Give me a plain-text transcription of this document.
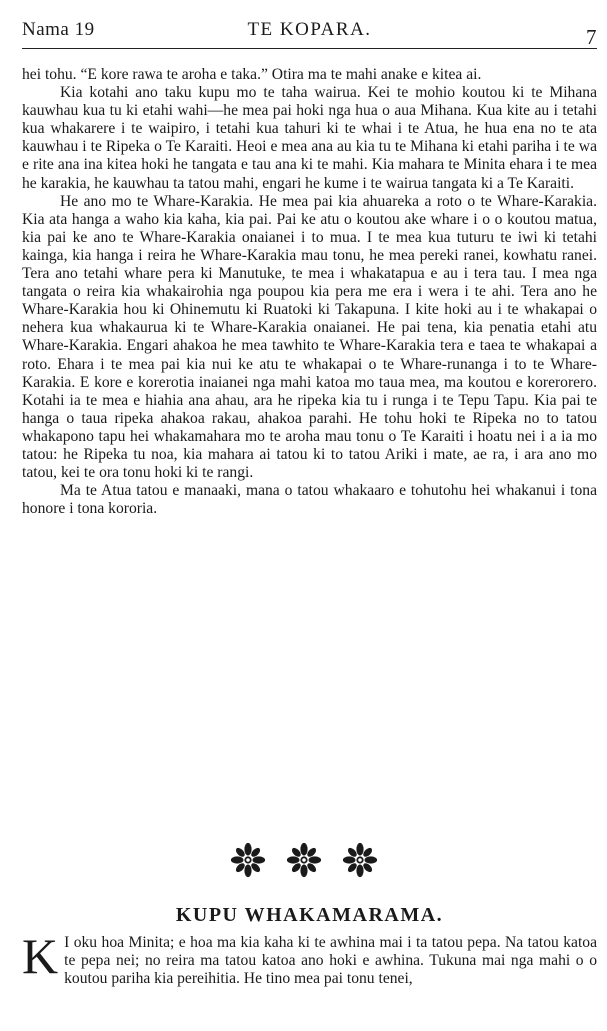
Nama 19	TE KOPARA.	7

hei tohu. “E kore rawa te aroha e taka.” Otira ma te mahi anake e kitea ai.

Kia kotahi ano taku kupu mo te taha wairua. Kei te mohio koutou ki te Mihana kauwhau kua tu ki etahi wahi—he mea pai hoki nga hua o aua Mihana. Kua kite au i tetahi kua whakarere i te waipiro, i tetahi kua tahuri ki te whai i te Atua, he hua ena no te ata kauwhau i te Ripeka o Te Karaiti. Heoi e mea ana au kia tu te Mihana ki etahi pariha i te wa e rite ana ina kitea hoki he tangata e tau ana ki te mahi. Kia mahara te Minita ehara i te mea he karakia, he kauwhau ta tatou mahi, engari he kume i te wairua tangata ki a Te Karaiti.

He ano mo te Whare-Karakia. He mea pai kia ahuareka a roto o te Whare-Karakia. Kia ata hanga a waho kia kaha, kia pai. Pai ke atu o koutou ake whare i o o koutou matua, kia pai ke ano te Whare-Karakia onaianei i to mua. I te mea kua tuturu te iwi ki tetahi kainga, kia hanga i reira he Whare-Karakia mau tonu, he mea pereki ranei, kowhatu ranei. Tera ano tetahi whare pera ki Manutuke, te mea i whakatapua e au i tera tau. I mea nga tangata o reira kia whakairohia nga poupou kia pera me era i wera i te ahi. Tera ano he Whare-Karakia hou ki Ohinemutu ki Ruatoki ki Takapuna. I kite hoki au i te whakapai o nehera kua whakaurua ki te Whare-Karakia onaianei. He pai tena, kia penatia etahi atu Whare-Karakia. Engari ahakoa he mea tawhito te Whare-Karakia tera e taea te whakapai a roto. Ehara i te mea pai kia nui ke atu te whakapai o te Whare-runanga i to te Whare-Karakia. E kore e korerotia inaianei nga mahi katoa mo taua mea, ma koutou e korerorero. Kotahi ia te mea e hiahia ana ahau, ara he ripeka kia tu i runga i te Tepu Tapu. Kia pai te hanga o taua ripeka ahakoa rakau, ahakoa parahi. He tohu hoki te Ripeka no to tatou whakapono tapu hei whakamahara mo te aroha mau tonu o Te Karaiti i hoatu nei i a ia mo tatou: he Ripeka tu noa, kia mahara ai tatou ki to tatou Ariki i mate, ae ra, i ara ano mo tatou, kei te ora tonu hoki ki te rangi.

Ma te Atua tatou e manaaki, mana o tatou whakaaro e tohutohu hei whakanui i tona honore i tona kororia.

KUPU WHAKAMARAMA.

K I oku hoa Minita; e hoa ma kia kaha ki te awhina mai i ta tatou pepa. Na tatou katoa te pepa nei; no reira ma tatou katoa ano hoki e awhina. Tukuna mai nga mahi o o koutou pariha kia pereihitia. He tino mea pai tonu tenei,
